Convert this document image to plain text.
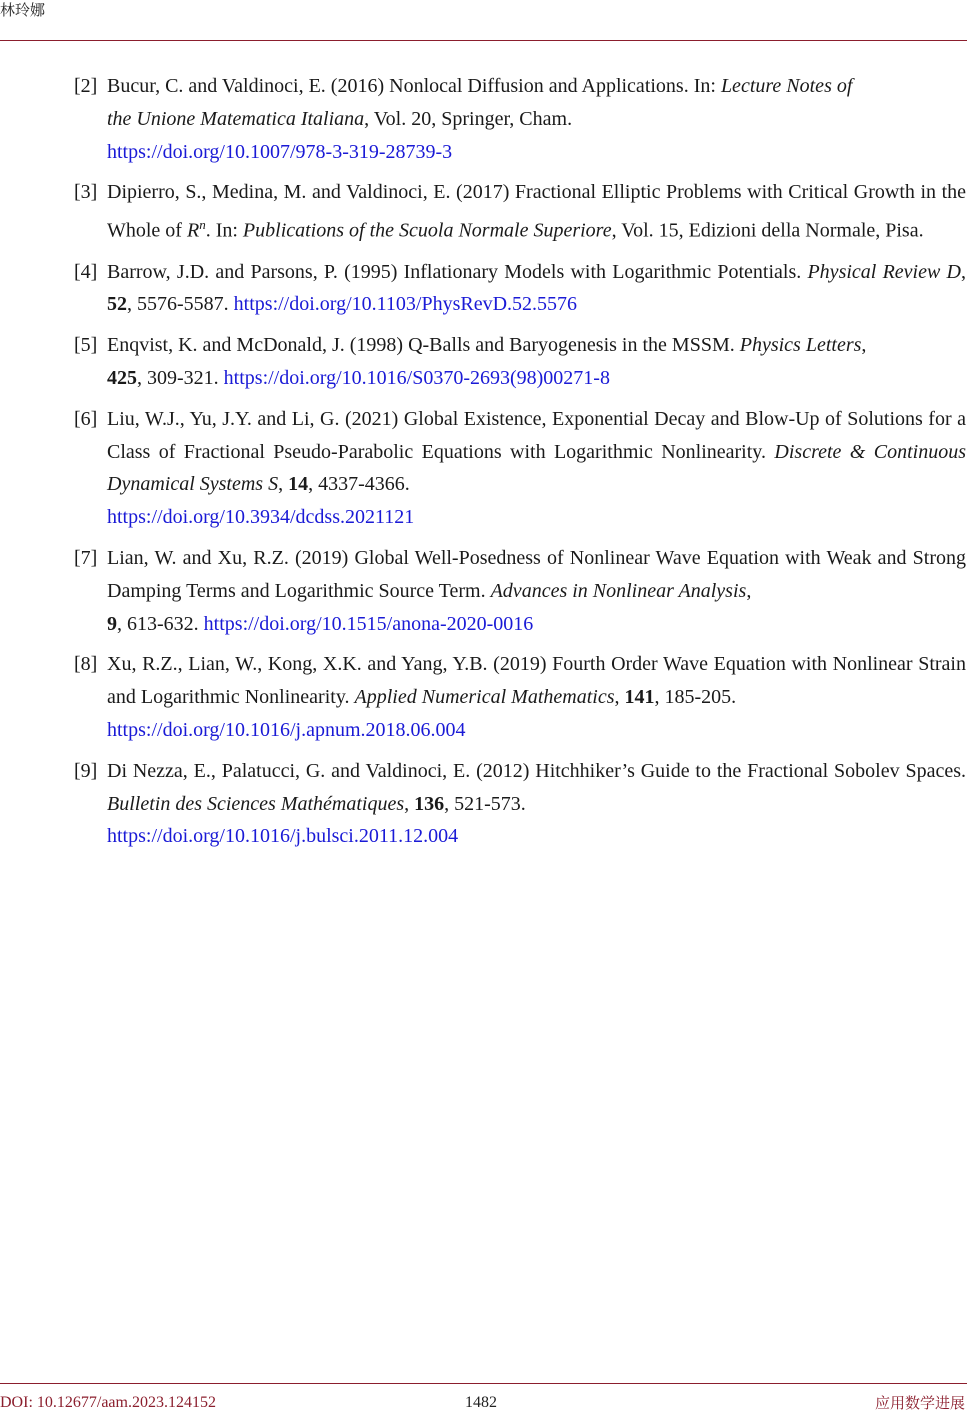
林玲娜
[2] Bucur, C. and Valdinoci, E. (2016) Nonlocal Diffusion and Applications. In: Lecture Notes of
the Unione Matematica Italiana, Vol. 20, Springer, Cham.
https://doi.org/10.1007/978-3-319-28739-3
[3] Dipierro, S., Medina, M. and Valdinoci, E. (2017) Fractional Elliptic Problems with Critical Growth in the Whole of $R^n$. In: Publications of the Scuola Normale Superiore, Vol. 15, Edizioni della Normale, Pisa.
[4] Barrow, J.D. and Parsons, P. (1995) Inflationary Models with Logarithmic Potentials. Physical Review D, 52, 5576-5587. https://doi.org/10.1103/PhysRevD.52.5576
[5] Enqvist, K. and McDonald, J. (1998) Q-Balls and Baryogenesis in the MSSM. Physics Letters,
425, 309-321. https://doi.org/10.1016/S0370-2693(98)00271-8
[6] Liu, W.J., Yu, J.Y. and Li, G. (2021) Global Existence, Exponential Decay and Blow-Up of Solutions for a Class of Fractional Pseudo-Parabolic Equations with Logarithmic Nonlinearity. Discrete & Continuous Dynamical Systems S, 14, 4337-4366.
https://doi.org/10.3934/dcdss.2021121
[7] Lian, W. and Xu, R.Z. (2019) Global Well-Posedness of Nonlinear Wave Equation with Weak and Strong Damping Terms and Logarithmic Source Term. Advances in Nonlinear Analysis,
9, 613-632. https://doi.org/10.1515/anona-2020-0016
[8] Xu, R.Z., Lian, W., Kong, X.K. and Yang, Y.B. (2019) Fourth Order Wave Equation with Nonlinear Strain and Logarithmic Nonlinearity. Applied Numerical Mathematics, 141, 185-205.
https://doi.org/10.1016/j.apnum.2018.06.004
[9] Di Nezza, E., Palatucci, G. and Valdinoci, E. (2012) Hitchhiker’s Guide to the Fractional Sobolev Spaces. Bulletin des Sciences Mathématiques, 136, 521-573.
https://doi.org/10.1016/j.bulsci.2011.12.004
DOI: 10.12677/aam.2023.124152	1482	应用数学进展
